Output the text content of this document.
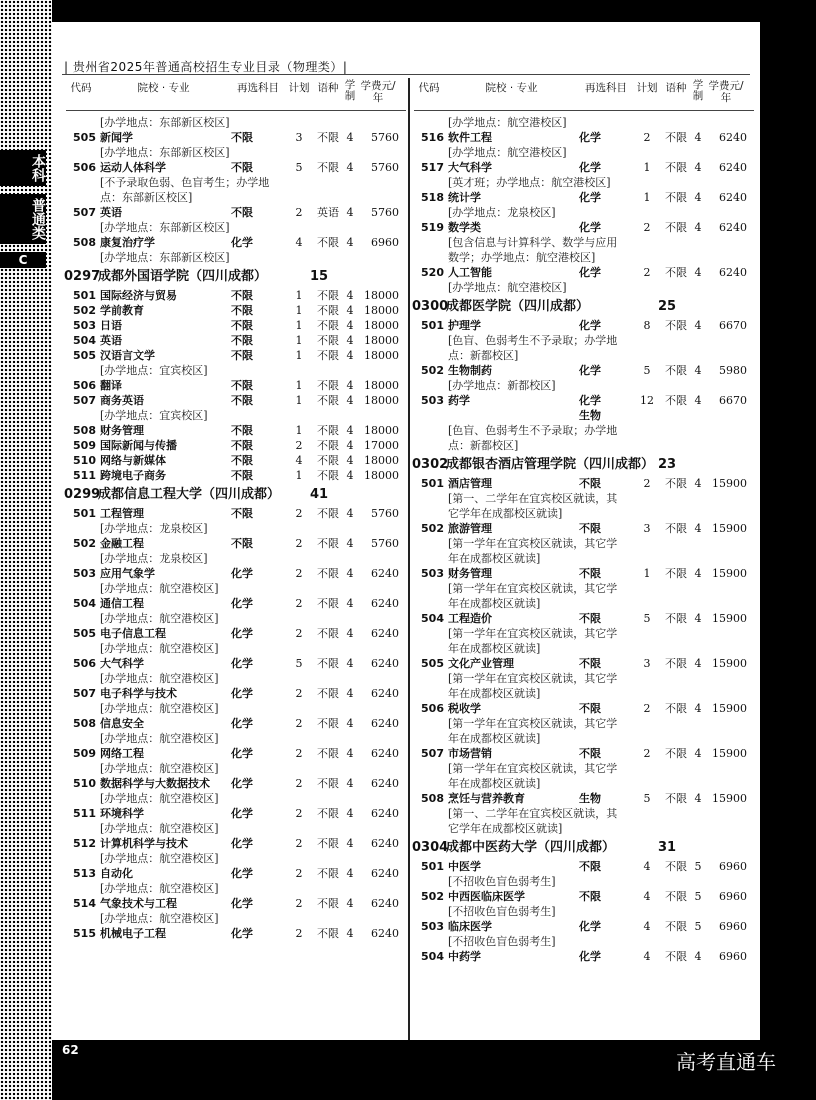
本科
普通类
C
| 贵州省2025年普通高校招生专业目录（物理类）|
代码	院校 · 专业	再选科目 计划 语种 学制
学费元/年
[办学地点：东部新区校区]
505 新闻学	不限	3	不限 4	5760
[办学地点：东部新区校区]
506 运动人体科学	不限	5	不限 4	5760
[不予录取色弱、色盲考生；办学地
点：东部新区校区]
507 英语	不限	2	英语 4	5760
[办学地点：东部新区校区]
508 康复治疗学	化学	4	不限 4	6960
[办学地点：东部新区校区]
0297
成都外国语学院（四川成都）	15
501 国际经济与贸易	不限	1	不限 4 18000
502 学前教育	不限	1	不限 4 18000
503 日语	不限	1	不限 4 18000
504 英语	不限	1	不限 4 18000
505 汉语言文学	不限	1	不限 4 18000
[办学地点：宜宾校区]
506 翻译	不限	1	不限 4 18000
507 商务英语	不限	1	不限 4 18000
[办学地点：宜宾校区]
508 财务管理	不限	1	不限 4 18000
509 国际新闻与传播	不限	2	不限 4 17000
510 网络与新媒体	不限	4	不限 4 18000
511 跨境电子商务	不限	1	不限 4 18000
0299
成都信息工程大学（四川成都）	41
501 工程管理	不限	2	不限 4	5760
[办学地点：龙泉校区]
502 金融工程	不限	2	不限 4	5760
[办学地点：龙泉校区]
503 应用气象学	化学	2	不限 4	6240
[办学地点：航空港校区]
504 通信工程	化学	2	不限 4	6240
[办学地点：航空港校区]
505 电子信息工程	化学	2	不限 4	6240
[办学地点：航空港校区]
506 大气科学	化学	5	不限 4	6240
[办学地点：航空港校区]
507 电子科学与技术	化学	2	不限 4	6240
[办学地点：航空港校区]
508 信息安全	化学	2	不限 4	6240
[办学地点：航空港校区]
509 网络工程	化学	2	不限 4	6240
[办学地点：航空港校区]
510 数据科学与大数据技术	化学	2	不限 4	6240
[办学地点：航空港校区]
511 环境科学	化学	2	不限 4	6240
[办学地点：航空港校区]
512 计算机科学与技术	化学	2	不限 4	6240
[办学地点：航空港校区]
513 自动化	化学	2	不限 4	6240
[办学地点：航空港校区]
514 气象技术与工程	化学	2	不限 4	6240
[办学地点：航空港校区]
515 机械电子工程	化学	2	不限 4	6240
代码	院校 · 专业	再选科目 计划 语种 学制
学费元/年
[办学地点：航空港校区]
516 软件工程	化学	2	不限 4	6240
[办学地点：航空港校区]
517 大气科学	化学	1	不限 4	6240
[英才班；办学地点：航空港校区]
518 统计学	化学	1	不限 4	6240
[办学地点：龙泉校区]
519 数学类	化学	2	不限 4	6240
[包含信息与计算科学、数学与应用
数学；办学地点：航空港校区]
520 人工智能	化学	2	不限 4	6240
[办学地点：航空港校区]
0300
成都医学院（四川成都）	25
501 护理学	化学	8	不限 4	6670
[色盲、色弱考生不予录取；办学地
点：新都校区]
502 生物制药	化学	5	不限 4	5980
[办学地点：新都校区]
503 药学	化学	12	不限 4	6670
生物
[色盲、色弱考生不予录取；办学地
点：新都校区]
0302
成都银杏酒店管理学院（四川成都） 23
501 酒店管理	不限	2	不限 4 15900
[第一、二学年在宜宾校区就读，其
它学年在成都校区就读]
502 旅游管理	不限	3	不限 4 15900
[第一学年在宜宾校区就读，其它学
年在成都校区就读]
503 财务管理	不限	1	不限 4 15900
[第一学年在宜宾校区就读，其它学
年在成都校区就读]
504 工程造价	不限	5	不限 4 15900
[第一学年在宜宾校区就读，其它学
年在成都校区就读]
505 文化产业管理	不限	3	不限 4 15900
[第一学年在宜宾校区就读，其它学
年在成都校区就读]
506 税收学	不限	2	不限 4 15900
[第一学年在宜宾校区就读，其它学
年在成都校区就读]
507 市场营销	不限	2	不限 4 15900
[第一学年在宜宾校区就读，其它学
年在成都校区就读]
508 烹饪与营养教育	生物	5	不限 4 15900
[第一、二学年在宜宾校区就读，其
它学年在成都校区就读]
0304
成都中医药大学（四川成都）	31
501 中医学	不限	4	不限 5	6960
[不招收色盲色弱考生]
502 中西医临床医学	不限	4	不限 5	6960
[不招收色盲色弱考生]
503 临床医学	化学	4	不限 5	6960
[不招收色盲色弱考生]
504 中药学	化学	4	不限 4	6960
62	高考直通车
